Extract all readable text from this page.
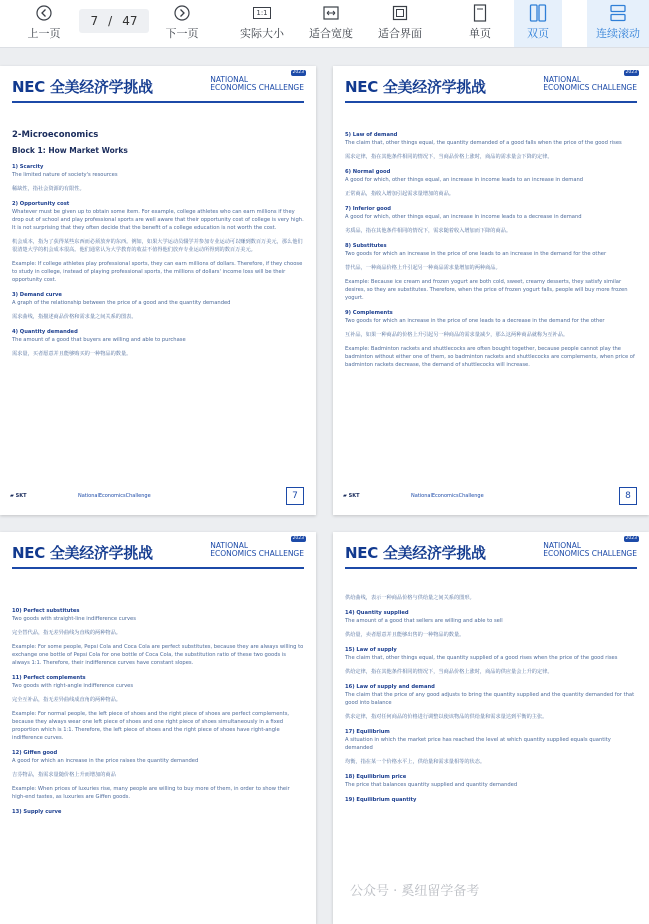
上一页
7 / 47
下一页
1:1
实际大小 适合宽度 适合界面	单页	双页	连续滚动
NEC 全美经济学挑战
2023
NATIONAL
ECONOMICS CHALLENGE
2-Microeconomics
Block 1: How Market Works
1) Scarcity
The limited nature of society's resources
稀缺性，指社会资源的有限性。
2) Opportunity cost
Whatever must be given up to obtain some item. For example, college athletes who can earn millions if they drop out of school and play professional sports are well aware that their opportunity cost of college is very high. It is not surprising that they often decide that the benefit of a college education is not worth the cost.
机会成本，指为了获得某些东西而必须放弃的东西。例如，如果大学运动员辍学并参加专业运动可以赚到数百万美元，那么他们很清楚大学的机会成本很高。他们通常认为大学教育的收益不值得他们放弃专业运动所得到的数百万美元。
Example: If college athletes play professional sports, they can earn millions of dollars. Therefore, if they choose to study in college, instead of playing professional sports, the millions of dollars' income loss will be their opportunity cost.
3) Demand curve
A graph of the relationship between the price of a good and the quantity demanded
需求曲线，指描述商品价格和需求量之间关系的图表。
4) Quantity demanded
The amount of a good that buyers are willing and able to purchase
需求量，买者愿意并且能够购买的一种物品的数量。
▰ SKT	NationalEconomicsChallenge	7
NEC 全美经济学挑战
2023
NATIONAL
ECONOMICS CHALLENGE
5) Law of demand
The claim that, other things equal, the quantity demanded of a good falls when the price of the good rises
需求定律，指在其他条件相同的情况下，当商品价格上涨时，商品的需求量会下降的定律。
6) Normal good
A good for which, other things equal, an increase in income leads to an increase in demand
正常商品，指收入增加引起需求量增加的商品。
7) Inferior good
A good for which, other things equal, an increase in income leads to a decrease in demand
劣质品，指在其他条件相同的情况下，需求随着收入增加而下降的商品。
8) Substitutes
Two goods for which an increase in the price of one leads to an increase in the demand for the other
替代品，一种商品价格上升引起另一种商品需求量增加的两种商品。
Example: Because ice cream and frozen yogurt are both cold, sweet, creamy desserts, they satisfy similar desires, so they are substitutes. Therefore, when the price of frozen yogurt falls, people will buy more frozen yogurt.
9) Complements
Two goods for which an increase in the price of one leads to a decrease in the demand for the other
互补品，如果一种商品的价格上升引起另一种商品的需求量减少，那么这两种商品就称为互补品。
Example: Badminton rackets and shuttlecocks are often bought together, because people cannot play the badminton without either one of them, so badminton rackets and shuttlecocks are complements, when price of badminton rackets decrease, the demand of shuttlecocks will increase.
▰ SKT	NationalEconomicsChallenge	8
NEC 全美经济学挑战
2023
NATIONAL
ECONOMICS CHALLENGE
10) Perfect substitutes
Two goods with straight-line indifference curves
完全替代品，指无差异曲线为直线的两种物品。
Example: For some people, Pepsi Cola and Coca Cola are perfect substitutes, because they are always willing to exchange one bottle of Pepsi Cola for one bottle of Coca Cola, the substitution ratio of these two goods is always 1:1. Therefore, their indifference curves have constant slopes.
11) Perfect complements
Two goods with right-angle indifference curves
完全互补品，指无差异曲线成直角的两种物品。
Example: For normal people, the left piece of shoes and the right piece of shoes are perfect complements, because they always wear one left piece of shoes and one right piece of shoes simultaneously in a fixed proportion which is 1:1. Therefore, the left piece of shoes and the right piece of shoes have right-angle indifference curves.
12) Giffen good
A good for which an increase in the price raises the quantity demanded
吉芬物品，指需求量随价格上升而增加的商品
Example: When prices of luxuries rise, many people are willing to buy more of them, in order to show their high-end tastes, as luxuries are Giffen goods.
13) Supply curve
NEC 全美经济学挑战
2023
NATIONAL
ECONOMICS CHALLENGE
供给曲线，表示一种商品价格与供给量之间关系的图形。
14) Quantity supplied
The amount of a good that sellers are willing and able to sell
供给量，卖者愿意并且能够出售的一种物品的数量。
15) Law of supply
The claim that, other things equal, the quantity supplied of a good rises when the price of the good rises
供给定律，指在其他条件相同的情况下，当商品价格上涨时，商品的供应量会上升的定律。
16) Law of supply and demand
The claim that the price of any good adjusts to bring the quantity supplied and the quantity demanded for that good into balance
供求定律，指对任何商品的价格进行调整以使该物品的供给量和需求量达到平衡的主张。
17) Equilibrium
A situation in which the market price has reached the level at which quantity supplied equals quantity demanded
均衡，指在某一个价格水平上，供给量和需求量相等的状态。
18) Equilibrium price
The price that balances quantity supplied and quantity demanded
19) Equilibrium quantity
公众号 · 奚纽留学备考
